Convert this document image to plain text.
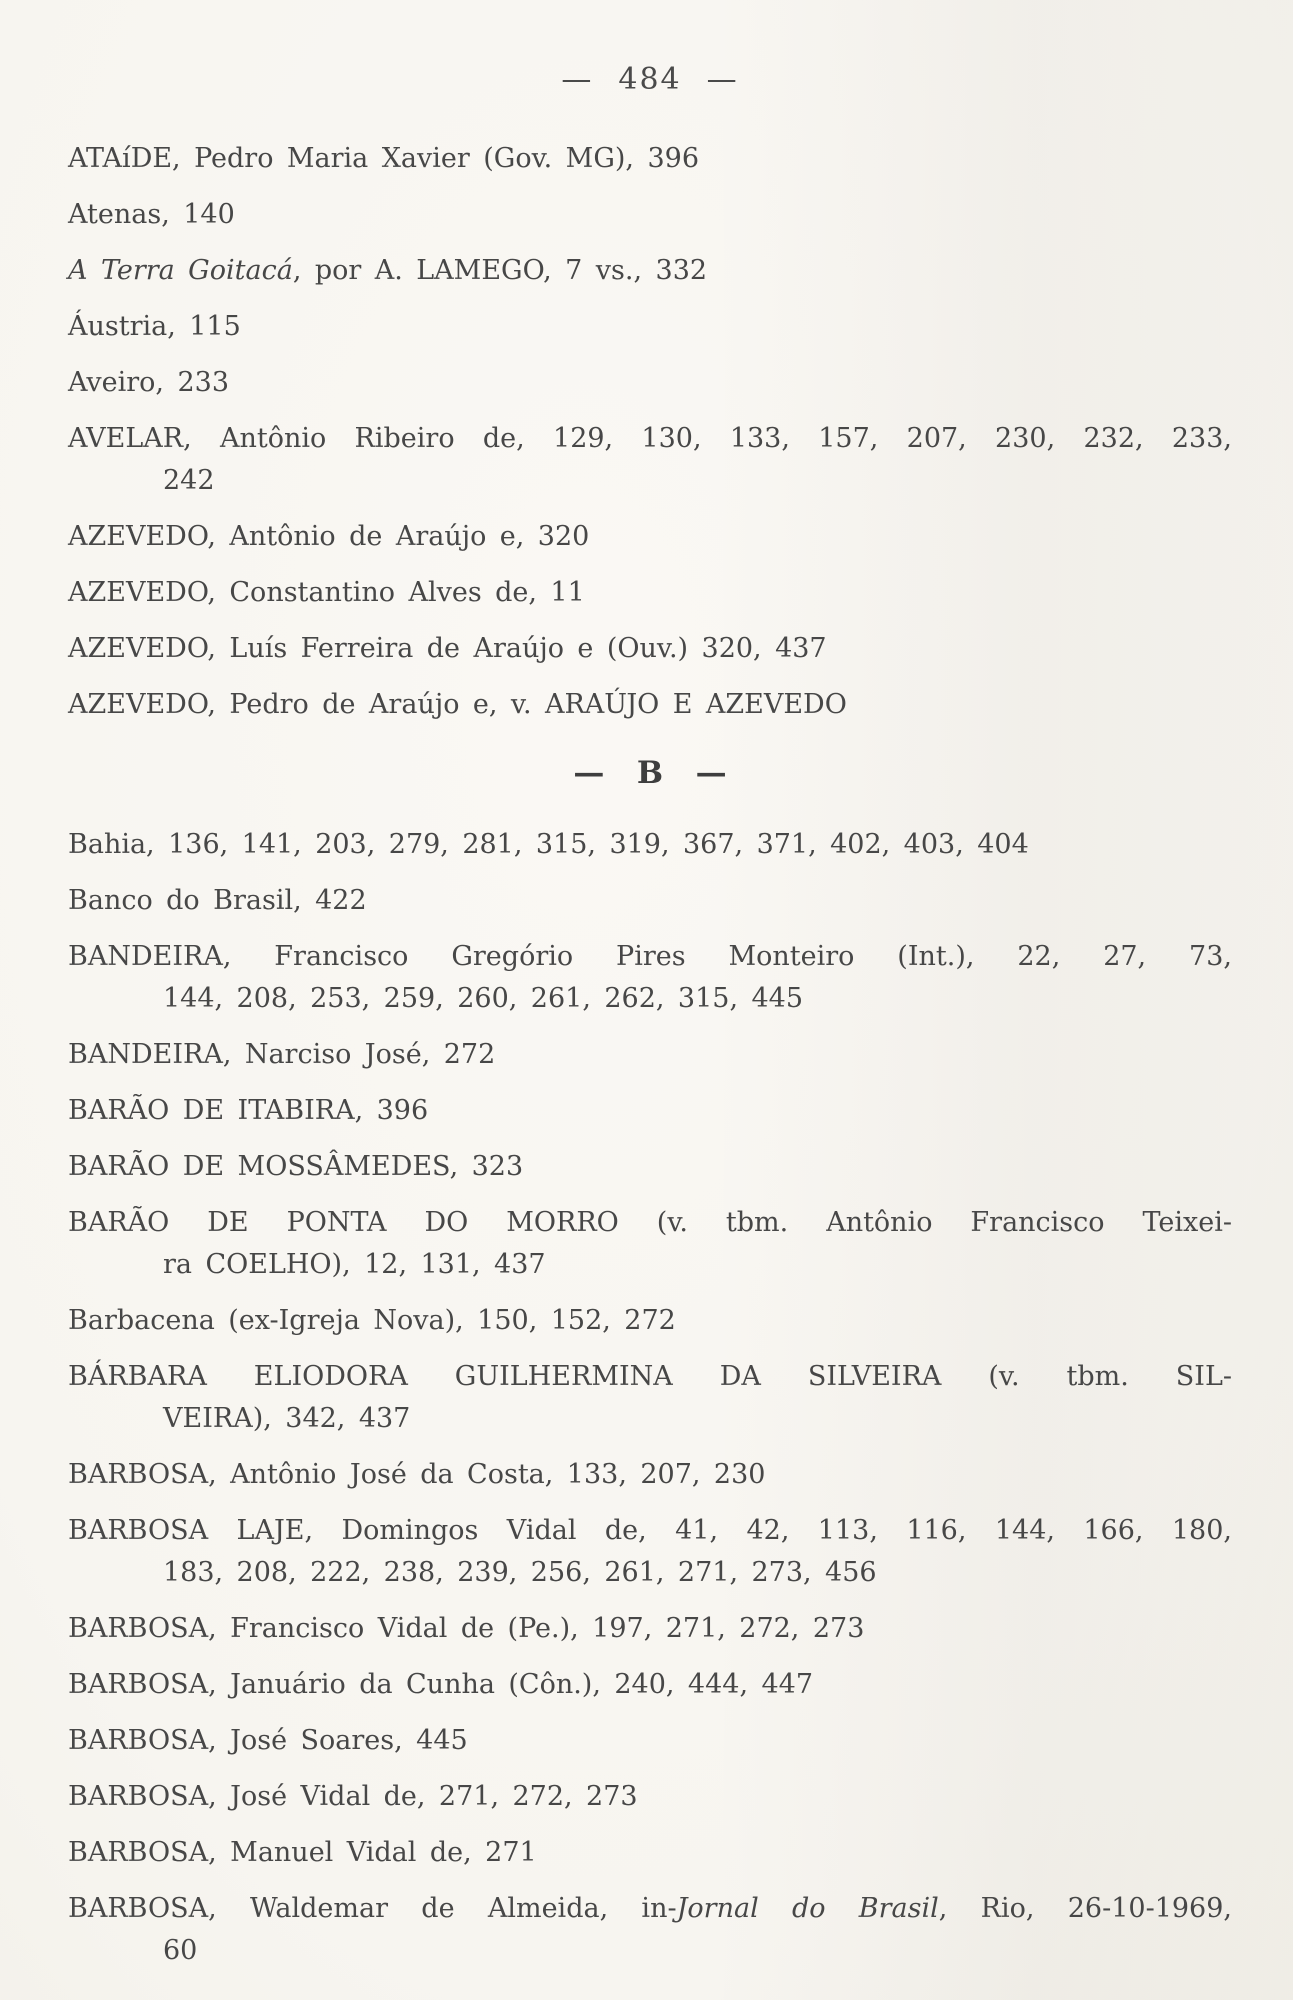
— 484 —
ATAíDE, Pedro Maria Xavier (Gov. MG), 396
Atenas, 140
A Terra Goitacá, por A. LAMEGO, 7 vs., 332
Áustria, 115
Aveiro, 233
AVELAR, Antônio Ribeiro de, 129, 130, 133, 157, 207, 230, 232, 233,
242
AZEVEDO, Antônio de Araújo e, 320
AZEVEDO, Constantino Alves de, 11
AZEVEDO, Luís Ferreira de Araújo e (Ouv.) 320, 437
AZEVEDO, Pedro de Araújo e, v. ARAÚJO E AZEVEDO
— B —
Bahia, 136, 141, 203, 279, 281, 315, 319, 367, 371, 402, 403, 404
Banco do Brasil, 422
BANDEIRA, Francisco Gregório Pires Monteiro (Int.), 22, 27, 73,
144, 208, 253, 259, 260, 261, 262, 315, 445
BANDEIRA, Narciso José, 272
BARÃO DE ITABIRA, 396
BARÃO DE MOSSÂMEDES, 323
BARÃO DE PONTA DO MORRO (v. tbm. Antônio Francisco Teixei-
ra COELHO), 12, 131, 437
Barbacena (ex-Igreja Nova), 150, 152, 272
BÁRBARA ELIODORA GUILHERMINA DA SILVEIRA (v. tbm. SIL-
VEIRA), 342, 437
BARBOSA, Antônio José da Costa, 133, 207, 230
BARBOSA LAJE, Domingos Vidal de, 41, 42, 113, 116, 144, 166, 180,
183, 208, 222, 238, 239, 256, 261, 271, 273, 456
BARBOSA, Francisco Vidal de (Pe.), 197, 271, 272, 273
BARBOSA, Januário da Cunha (Côn.), 240, 444, 447
BARBOSA, José Soares, 445
BARBOSA, José Vidal de, 271, 272, 273
BARBOSA, Manuel Vidal de, 271
BARBOSA, Waldemar de Almeida, in-Jornal do Brasil, Rio, 26-10-1969,
60
